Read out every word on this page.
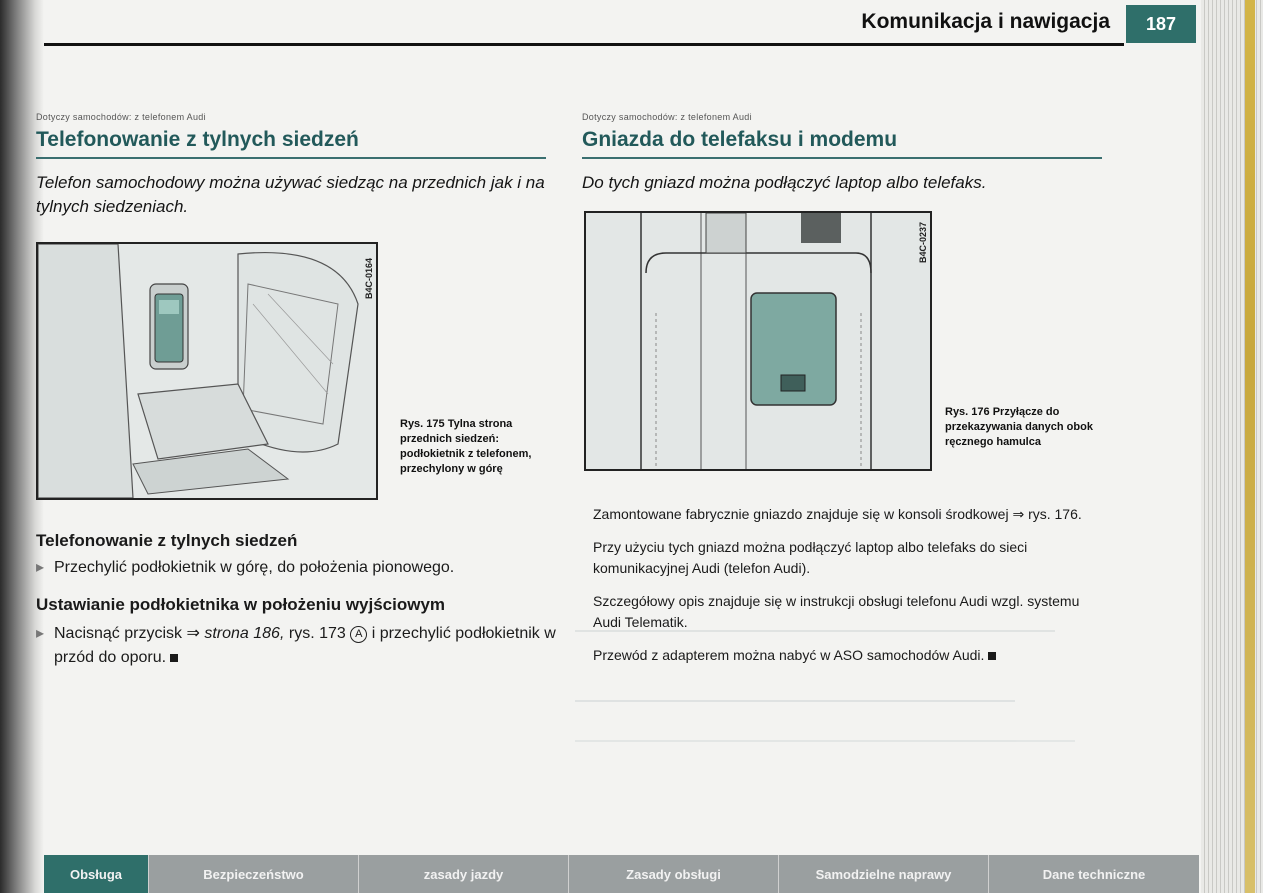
Komunikacja i nawigacja	187
Dotyczy samochodów: z telefonem Audi
Telefonowanie z tylnych siedzeń
Telefon samochodowy można używać siedząc na przednich jak i na tylnych siedzeniach.
B4C-0164
Rys. 175 Tylna strona przednich siedzeń: podłokietnik z telefonem, przechylony w górę
Telefonowanie z tylnych siedzeń
▸ Przechylić podłokietnik w górę, do położenia pionowego.
Ustawianie podłokietnika w położeniu wyjściowym
▸ Nacisnąć przycisk ⇒ strona 186, rys. 173 A i przechylić podłokietnik w przód do oporu.
Dotyczy samochodów: z telefonem Audi
Gniazda do telefaksu i modemu
Do tych gniazd można podłączyć laptop albo telefaks.
B4C-0237
Rys. 176 Przyłącze do przekazywania danych obok ręcznego hamulca

Zamontowane fabrycznie gniazdo znajduje się w konsoli środkowej ⇒ rys. 176.

Przy użyciu tych gniazd można podłączyć laptop albo telefaks do sieci komunikacyjnej Audi (telefon Audi).

Szczegółowy opis znajduje się w instrukcji obsługi telefonu Audi wzgl. systemu Audi Telematik.

Przewód z adapterem można nabyć w ASO samochodów Audi.

Obsługa	Bezpieczeństwo	zasady jazdy	Zasady obsługi	Samodzielne naprawy	Dane techniczne
